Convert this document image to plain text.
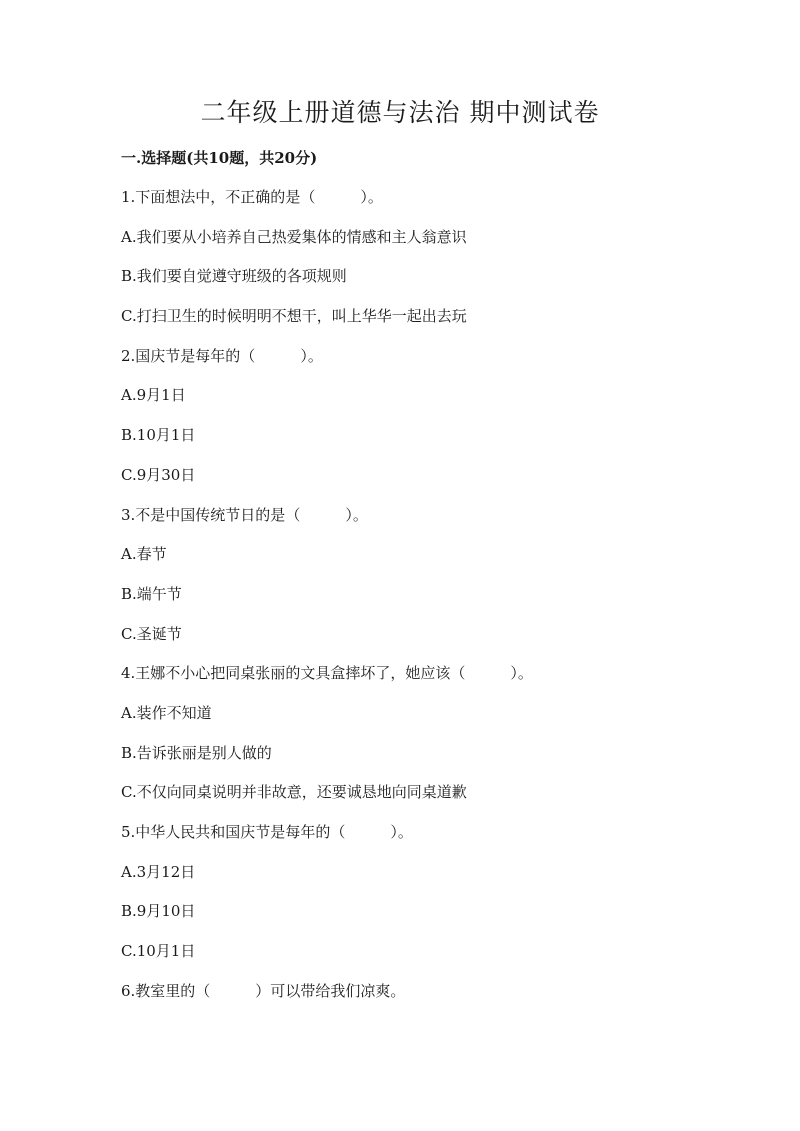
二年级上册道德与法治 期中测试卷
一.选择题(共10题，共20分)
1.下面想法中，不正确的是（　　　）。
A.我们要从小培养自己热爱集体的情感和主人翁意识
B.我们要自觉遵守班级的各项规则
C.打扫卫生的时候明明不想干，叫上华华一起出去玩
2.国庆节是每年的（　　　）。
A.9月1日
B.10月1日
C.9月30日
3.不是中国传统节日的是（　　　）。
A.春节
B.端午节
C.圣诞节
4.王娜不小心把同桌张丽的文具盒摔坏了，她应该（　　　）。
A.装作不知道
B.告诉张丽是别人做的
C.不仅向同桌说明并非故意，还要诚恳地向同桌道歉
5.中华人民共和国庆节是每年的（　　　）。
A.3月12日
B.9月10日
C.10月1日
6.教室里的（　　　）可以带给我们凉爽。
